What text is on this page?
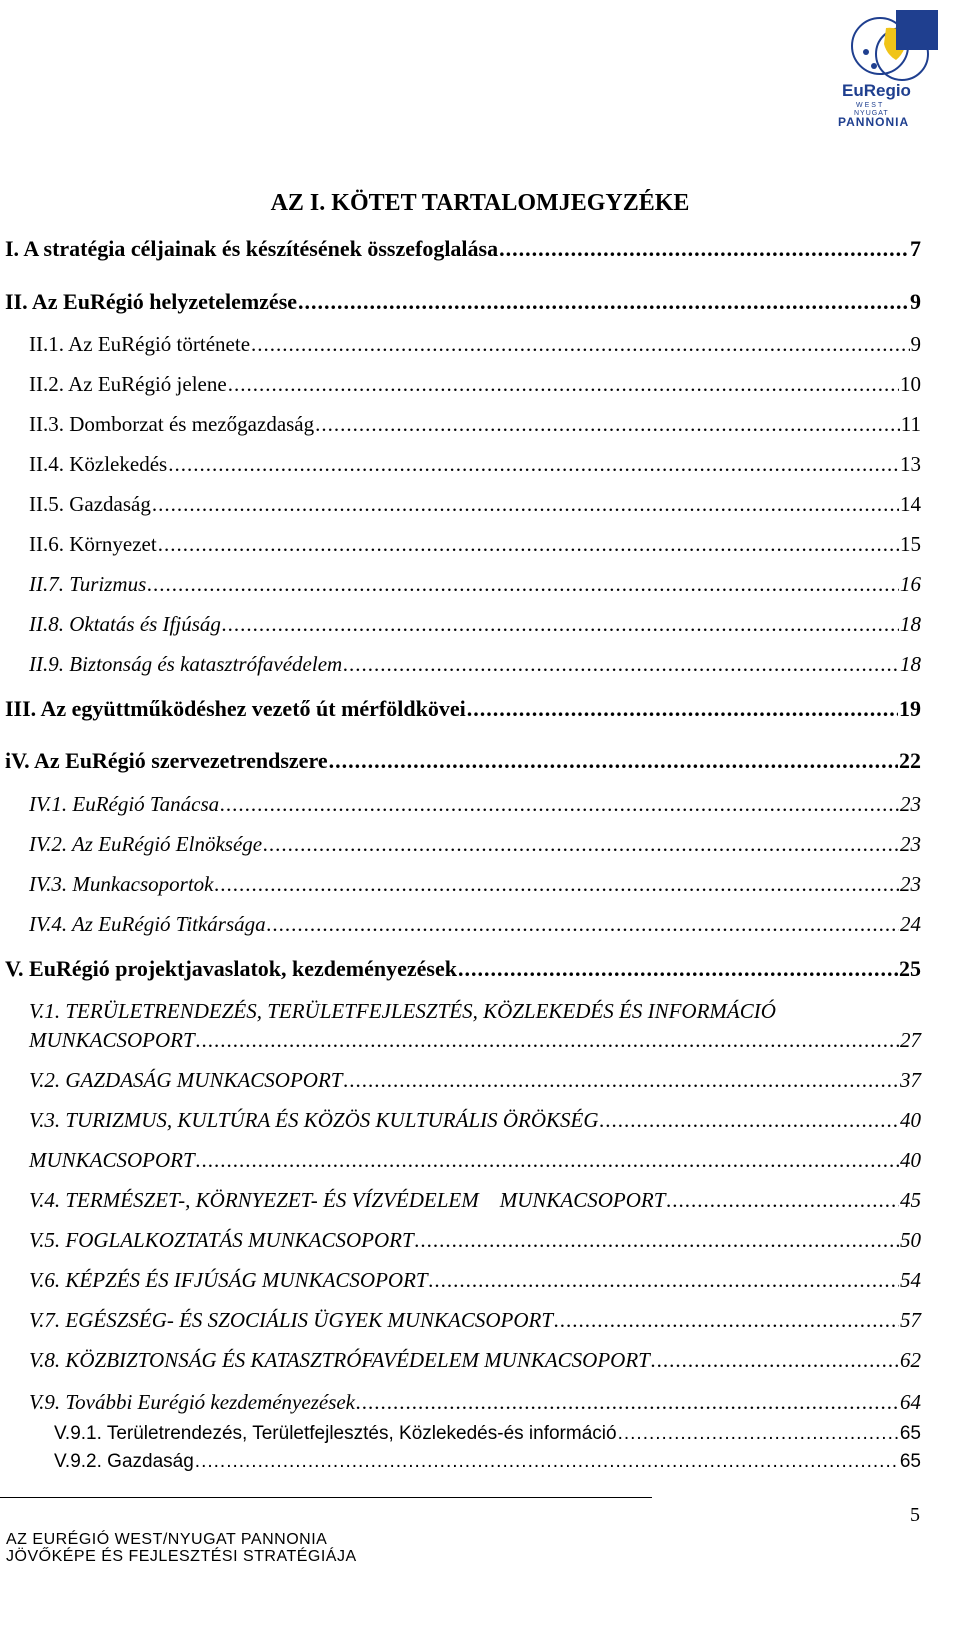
EuRegio
WEST
NYUGAT
PANNONIA
AZ I. KÖTET TARTALOMJEGYZÉKE
I. A stratégia céljainak és készítésének összefoglalása .....	7
II. Az EuRégió helyzetelemzése .....	9
II.1. Az EuRégió története .....	9
II.2. Az EuRégió jelene .....	10
II.3. Domborzat és mezőgazdaság .....	11
II.4. Közlekedés .....	13
II.5. Gazdaság .....	14
II.6. Környezet .....	15
II.7. Turizmus .....	16
II.8. Oktatás és Ifjúság .....	18
II.9. Biztonság és katasztrófavédelem .....	18
III. Az együttműködéshez vezető út mérföldkövei .....	19
iV. Az EuRégió szervezetrendszere .....	22
IV.1. EuRégió Tanácsa .....	23
IV.2. Az EuRégió Elnöksége .....	23
IV.3. Munkacsoportok .....	23
IV.4. Az EuRégió Titkársága .....	24
V. EuRégió projektjavaslatok, kezdeményezések .....	25
V.1. TERÜLETRENDEZÉS, TERÜLETFEJLESZTÉS, KÖZLEKEDÉS ÉS INFORMÁCIÓ
MUNKACSOPORT .....	27
V.2. GAZDASÁG MUNKACSOPORT .....	37
V.3. TURIZMUS, KULTÚRA ÉS KÖZÖS KULTURÁLIS ÖRÖKSÉG .....	40
MUNKACSOPORT .....	40
V.4. TERMÉSZET-, KÖRNYEZET- ÉS VÍZVÉDELEM    MUNKACSOPORT .....	45
V.5. FOGLALKOZTATÁS MUNKACSOPORT .....	50
V.6. KÉPZÉS ÉS IFJÚSÁG MUNKACSOPORT .....	54
V.7. EGÉSZSÉG- ÉS SZOCIÁLIS ÜGYEK MUNKACSOPORT .....	57
V.8. KÖZBIZTONSÁG ÉS KATASZTRÓFAVÉDELEM MUNKACSOPORT .....	62
V.9. További Eurégió kezdeményezések .....	64
V.9.1. Területrendezés, Területfejlesztés, Közlekedés-és információ .....	65
V.9.2. Gazdaság .....	65
5
AZ EURÉGIÓ WEST/NYUGAT PANNONIA
JÖVŐKÉPE ÉS FEJLESZTÉSI STRATÉGIÁJA
